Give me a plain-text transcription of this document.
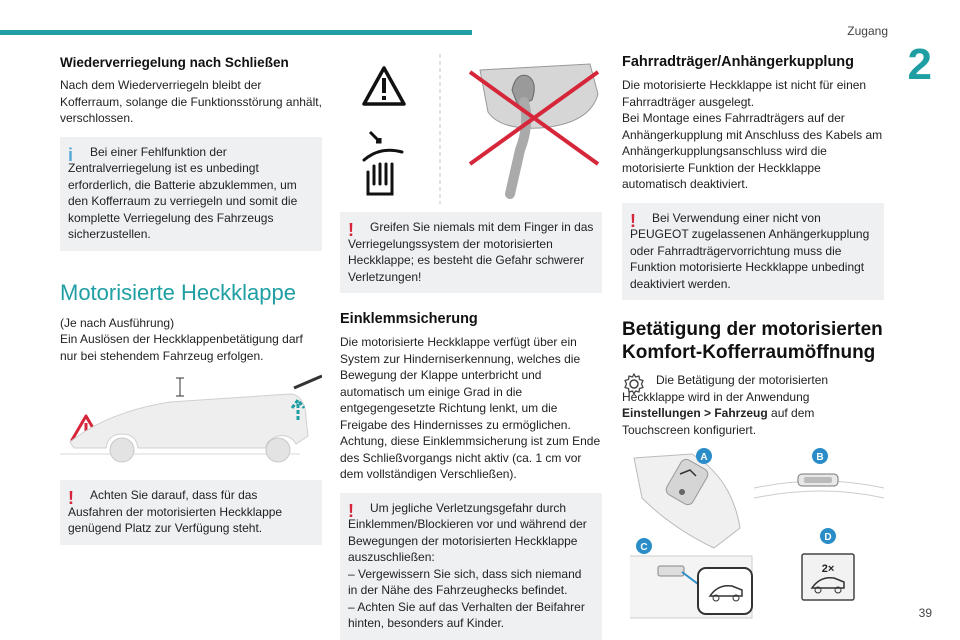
Zugang
2
39
Wiederverriegelung nach Schließen

Nach dem Wiederverriegeln bleibt der Kofferraum, solange die Funktionsstörung anhält, verschlossen.

i	Bei einer Fehlfunktion der Zentralverriegelung ist es unbedingt erforderlich, die Batterie abzuklemmen, um den Kofferraum zu verriegeln und somit die komplette Verriegelung des Fahrzeugs sicherzustellen.

Motorisierte Heckklappe

(Je nach Ausführung)

Ein Auslösen der Heckklappenbetätigung darf nur bei stehendem Fahrzeug erfolgen.

!	Achten Sie darauf, dass für das Ausfahren der motorisierten Heckklappe genügend Platz zur Verfügung steht.

!	Greifen Sie niemals mit dem Finger in das Verriegelungssystem der motorisierten Heckklappe; es besteht die Gefahr schwerer Verletzungen!

Einklemmsicherung

Die motorisierte Heckklappe verfügt über ein System zur Hinderniserkennung, welches die Bewegung der Klappe unterbricht und automatisch um einige Grad in die entgegengesetzte Richtung lenkt, um die Freigabe des Hindernisses zu ermöglichen.
Achtung, diese Einklemmsicherung ist zum Ende des Schließvorgangs nicht aktiv (ca. 1 cm vor dem vollständigen Verschließen).

!	Um jegliche Verletzungsgefahr durch Einklemmen/Blockieren vor und während der Bewegungen der motorisierten Heckklappe auszuschließen:

– Vergewissern Sie sich, dass sich niemand in der Nähe des Fahrzeughecks befindet.

– Achten Sie auf das Verhalten der Beifahrer hinten, besonders auf Kinder.

Fahrradträger/Anhängerkupplung

Die motorisierte Heckklappe ist nicht für einen Fahrradträger ausgelegt.

Bei Montage eines Fahrradträgers auf der Anhängerkupplung mit Anschluss des Kabels am Anhängerkupplungsanschluss wird die motorisierte Funktion der Heckklappe automatisch deaktiviert.

!	Bei Verwendung einer nicht von PEUGEOT zugelassenen Anhängerkupplung oder Fahrradträgervorrichtung muss die Funktion motorisierte Heckklappe unbedingt deaktiviert werden.

Betätigung der motorisierten Komfort-Kofferraumöffnung

Die Betätigung der motorisierten Heckklappe wird in der Anwendung Einstellungen > Fahrzeug auf dem Touchscreen konfiguriert.

A	B
C
2×
D
